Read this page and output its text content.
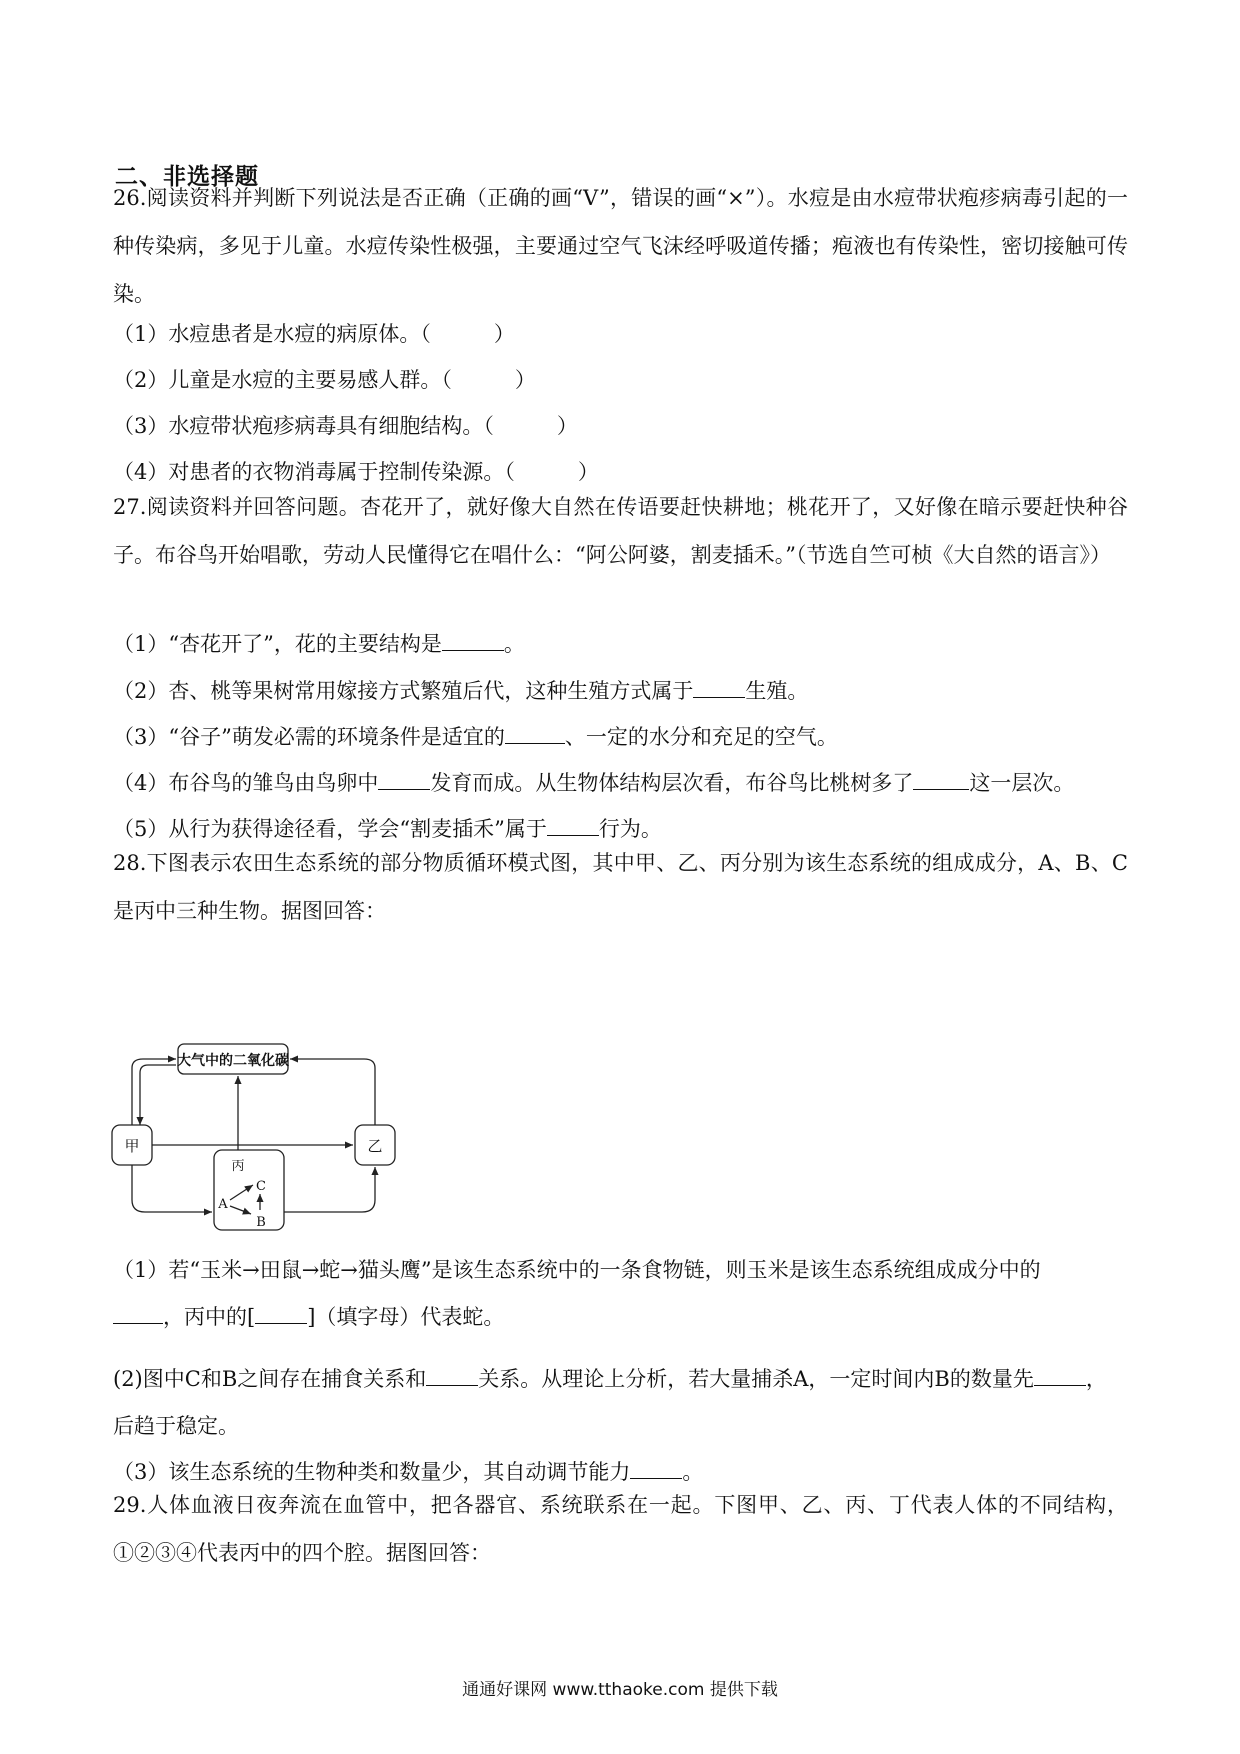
二、非选择题
26.阅读资料并判断下列说法是否正确（正确的画“V”，错误的画“×”）。水痘是由水痘带状疱疹病毒引起的一种传染病，多见于儿童。水痘传染性极强，主要通过空气飞沫经呼吸道传播；疱液也有传染性，密切接触可传染。
（1）水痘患者是水痘的病原体。（　　　）
（2）儿童是水痘的主要易感人群。（　　　）
（3）水痘带状疱疹病毒具有细胞结构。（　　　）
（4）对患者的衣物消毒属于控制传染源。（　　　）
27.阅读资料并回答问题。杏花开了，就好像大自然在传语要赶快耕地；桃花开了，又好像在暗示要赶快种谷子。布谷鸟开始唱歌，劳动人民懂得它在唱什么：“阿公阿婆，割麦插禾。”（节选自竺可桢《大自然的语言》）
（1）“杏花开了”，花的主要结构是	。
（2）杏、桃等果树常用嫁接方式繁殖后代，这种生殖方式属于 生殖。
（3）“谷子”萌发必需的环境条件是适宜的	、一定的水分和充足的空气。
（4）布谷鸟的雏鸟由鸟卵中 发育而成。从生物体结构层次看，布谷鸟比桃树多了	这一层次。
（5）从行为获得途径看，学会“割麦插禾”属于 行为。
28.下图表示农田生态系统的部分物质循环模式图，其中甲、乙、丙分别为该生态系统的组成成分，A、B、C是丙中三种生物。据图回答：
大气中的二氧化碳
甲	乙
丙
A
B
C
（1）若“玉米→田鼠→蛇→猫头鹰”是该生态系统中的一条食物链，则玉米是该生态系统组成成分中的
，丙中的[ ]（填字母）代表蛇。
(2)图中C和B之间存在捕食关系和 关系。从理论上分析，若大量捕杀A，一定时间内B的数量先 ，
后趋于稳定。
（3）该生态系统的生物种类和数量少，其自动调节能力 。
29.人体血液日夜奔流在血管中，把各器官、系统联系在一起。下图甲、乙、丙、丁代表人体的不同结构，①②③④代表丙中的四个腔。据图回答：
通通好课网 www.tthaoke.com 提供下载
